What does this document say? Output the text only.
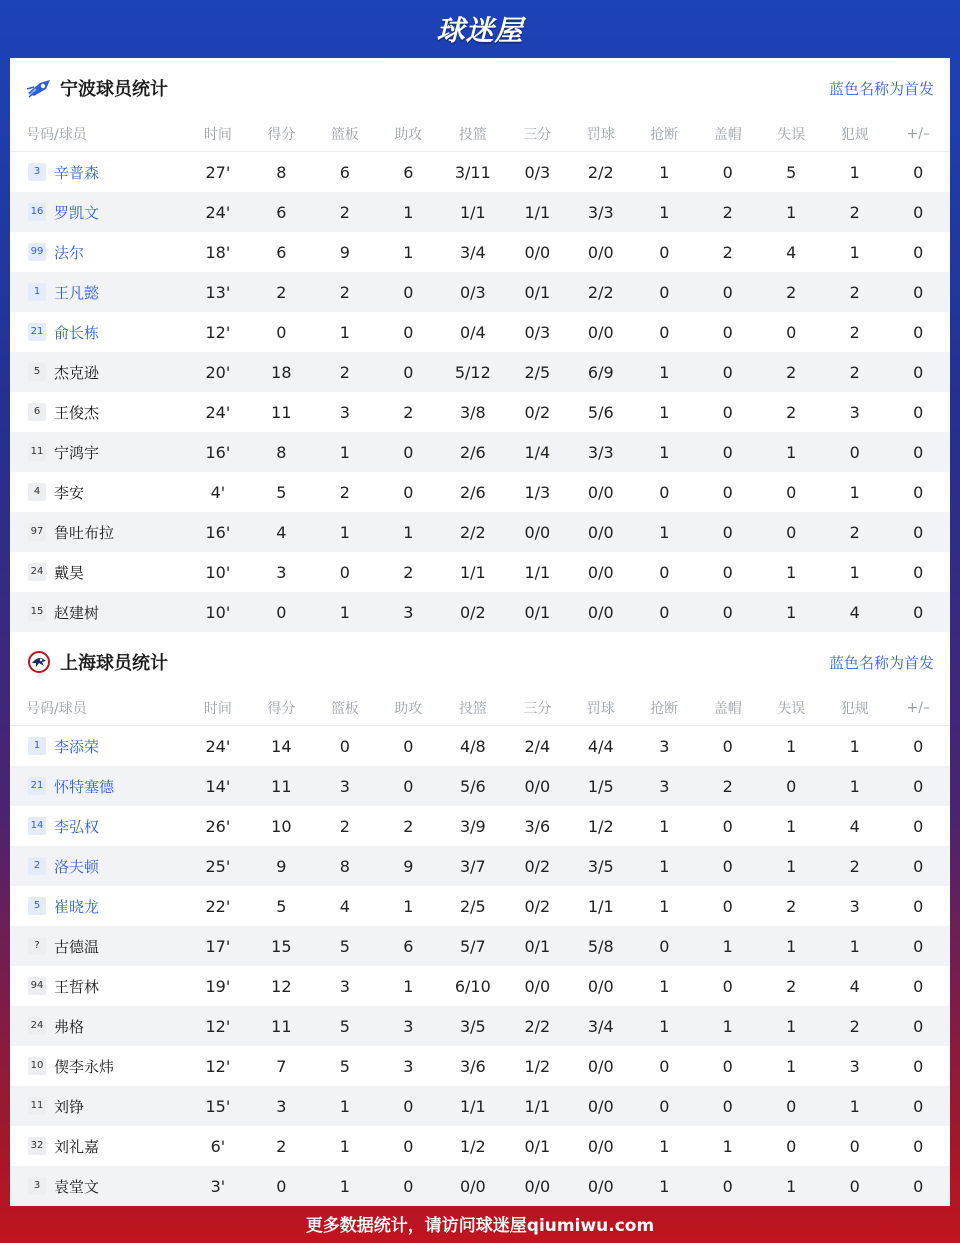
球迷屋
宁波球员统计	蓝色名称为首发
号码/球员	时间	得分	篮板	助攻	投篮	三分	罚球	抢断	盖帽	失误	犯规	+/–
3 辛普森	27'	8	6	6	3/11	0/3	2/2	1	0	5	1	0
16 罗凯文	24'	6	2	1	1/1	1/1	3/3	1	2	1	2	0
99 法尔	18'	6	9	1	3/4	0/0	0/0	0	2	4	1	0
1 王凡懿	13'	2	2	0	0/3	0/1	2/2	0	0	2	2	0
21 俞长栋	12'	0	1	0	0/4	0/3	0/0	0	0	0	2	0
5 杰克逊	20'	18	2	0	5/12	2/5	6/9	1	0	2	2	0
6 王俊杰	24'	11	3	2	3/8	0/2	5/6	1	0	2	3	0
11 宁鸿宇	16'	8	1	0	2/6	1/4	3/3	1	0	1	0	0
4 李安	4'	5	2	0	2/6	1/3	0/0	0	0	0	1	0
97 鲁吐布拉	16'	4	1	1	2/2	0/0	0/0	1	0	0	2	0
24 戴昊	10'	3	0	2	1/1	1/1	0/0	0	0	1	1	0
15 赵建树	10'	0	1	3	0/2	0/1	0/0	0	0	1	4	0
上海球员统计	蓝色名称为首发
号码/球员	时间	得分	篮板	助攻	投篮	三分	罚球	抢断	盖帽	失误	犯规	+/–
1 李添荣	24'	14	0	0	4/8	2/4	4/4	3	0	1	1	0
21 怀特塞德	14'	11	3	0	5/6	0/0	1/5	3	2	0	1	0
14 李弘权	26'	10	2	2	3/9	3/6	1/2	1	0	1	4	0
2 洛夫顿	25'	9	8	9	3/7	0/2	3/5	1	0	1	2	0
5 崔晓龙	22'	5	4	1	2/5	0/2	1/1	1	0	2	3	0
? 古德温	17'	15	5	6	5/7	0/1	5/8	0	1	1	1	0
94 王哲林	19'	12	3	1	6/10	0/0	0/0	1	0	2	4	0
24 弗格	12'	11	5	3	3/5	2/2	3/4	1	1	1	2	0
10 偰李永炜	12'	7	5	3	3/6	1/2	0/0	0	0	1	3	0
11 刘铮	15'	3	1	0	1/1	1/1	0/0	0	0	0	1	0
32 刘礼嘉	6'	2	1	0	1/2	0/1	0/0	1	1	0	0	0
3 袁堂文	3'	0	1	0	0/0	0/0	0/0	1	0	1	0	0
更多数据统计，请访问球迷屋qiumiwu.com
